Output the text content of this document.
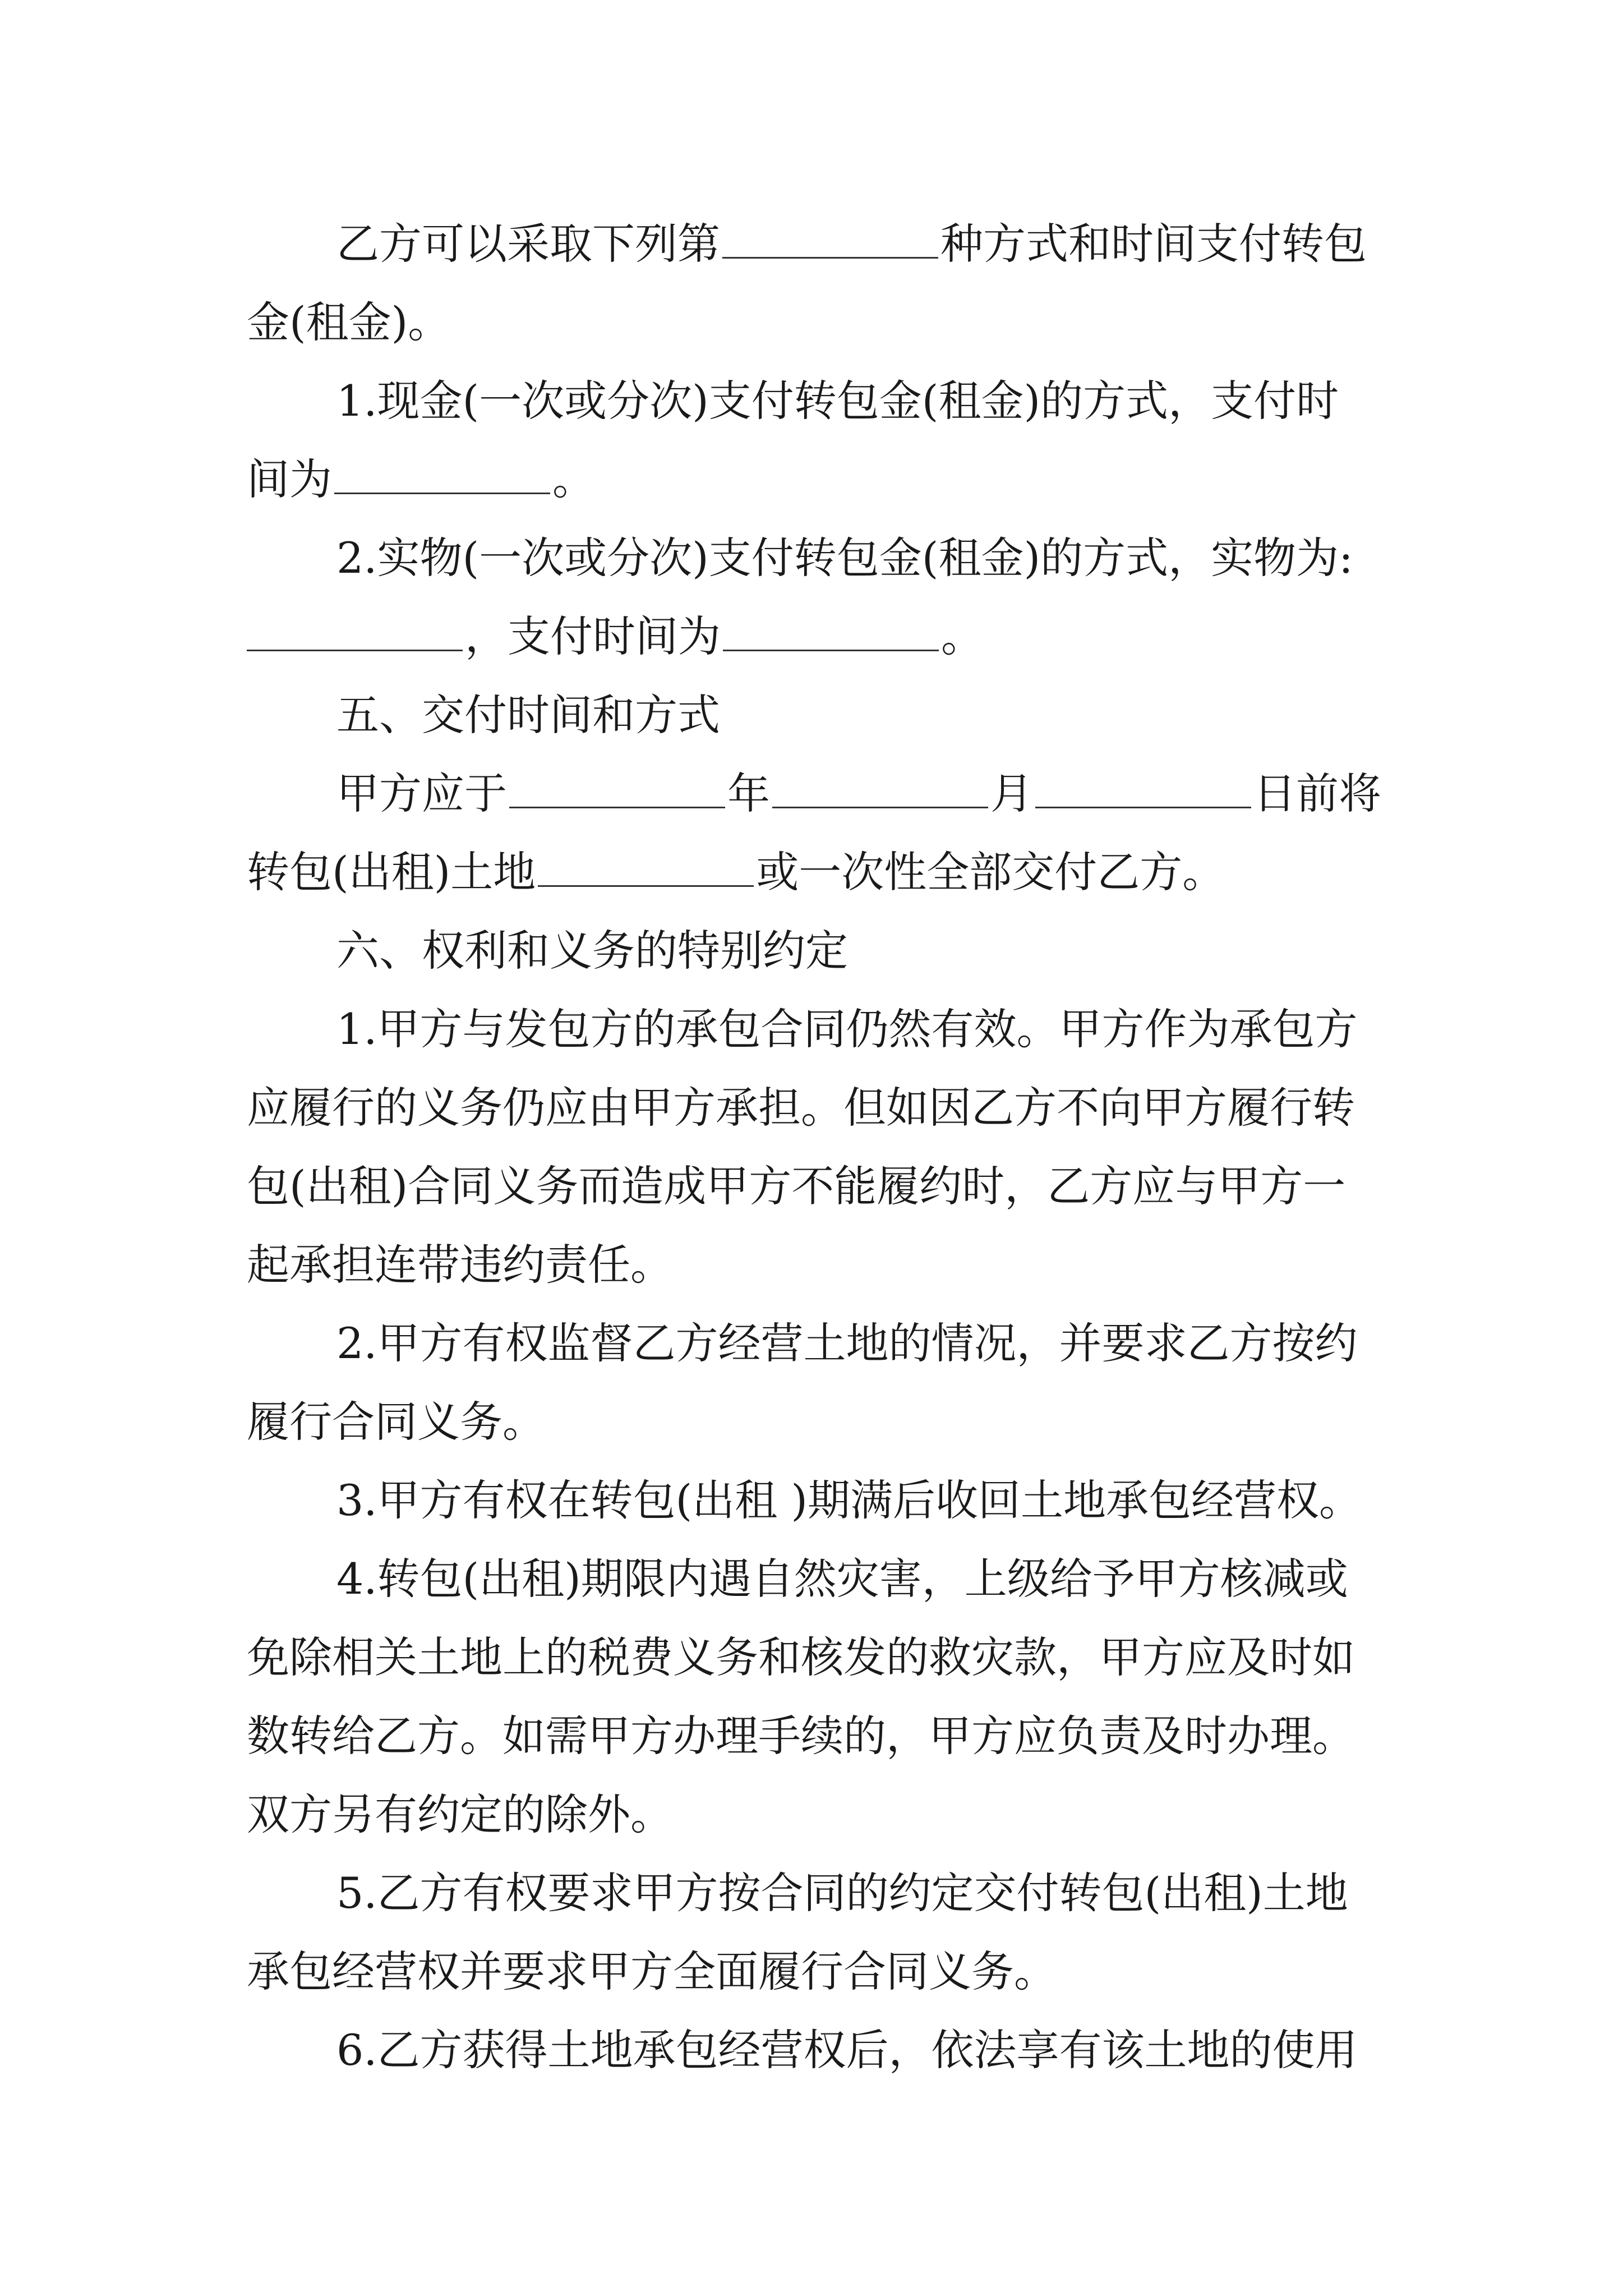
乙方可以采取下列第	种方式和时间支付转包
金(租金)。
1.现金(一次或分次)支付转包金(租金)的方式，支付时
间为	。
2.实物(一次或分次)支付转包金(租金)的方式，实物为:
，支付时间为	。
五、交付时间和方式
甲方应于	年	月	日前将
转包(出租)土地	或一次性全部交付乙方。
六、权利和义务的特别约定
1.甲方与发包方的承包合同仍然有效。甲方作为承包方
应履行的义务仍应由甲方承担。但如因乙方不向甲方履行转
包(出租)合同义务而造成甲方不能履约时，乙方应与甲方一
起承担连带违约责任。
2.甲方有权监督乙方经营土地的情况，并要求乙方按约
履行合同义务。
3.甲方有权在转包(出租 )期满后收回土地承包经营权。
4.转包(出租)期限内遇自然灾害，上级给予甲方核减或
免除相关土地上的税费义务和核发的救灾款，甲方应及时如
数转给乙方。如需甲方办理手续的，甲方应负责及时办理。
双方另有约定的除外。
5.乙方有权要求甲方按合同的约定交付转包(出租)土地
承包经营权并要求甲方全面履行合同义务。
6.乙方获得土地承包经营权后，依法享有该土地的使用
